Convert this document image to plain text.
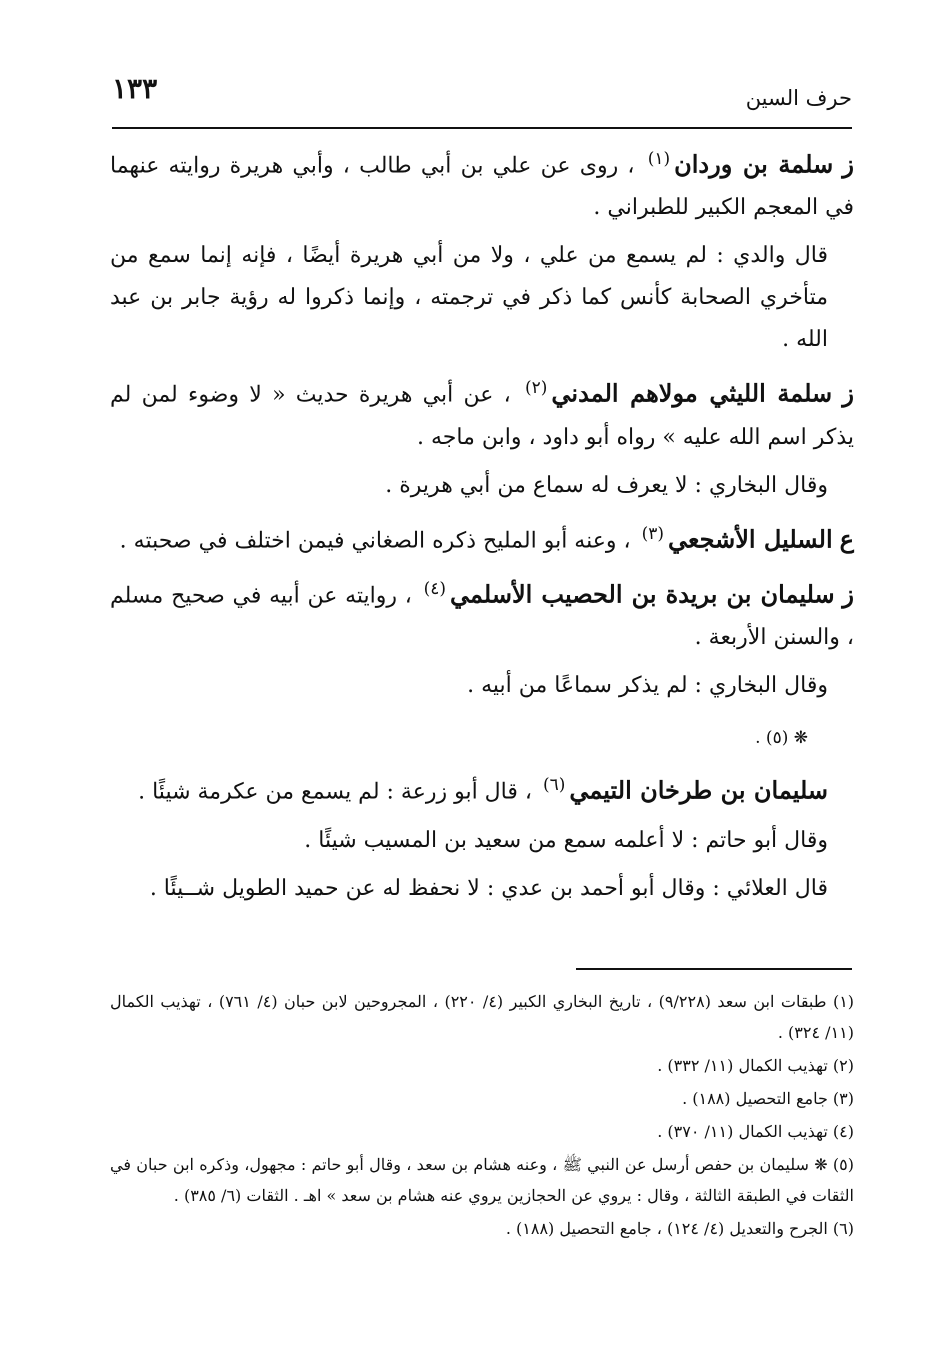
١٣٣	حرف السين

ز سلمة بن وردان$^{(١)}$ ، روى عن علي بن أبي طالب ، وأبي هريرة روايته عنهما في المعجم الكبير للطبراني .

قال والدي : لم يسمع من علي ، ولا من أبي هريرة أيضًا ، فإنه إنما سمع من متأخري الصحابة كأنس كما ذكر في ترجمته ، وإنما ذكروا له رؤية جابر بن عبد الله .

ز سلمة الليثي مولاهم المدني$^{(٢)}$ ، عن أبي هريرة حديث « لا وضوء لمن لم يذكر اسم الله عليه » رواه أبو داود ، وابن ماجه .

وقال البخاري : لا يعرف له سماع من أبي هريرة .

ع السليل الأشجعي$^{(٣)}$ ، وعنه أبو المليح ذكره الصغاني فيمن اختلف في صحبته .

ز سليمان بن بريدة بن الحصيب الأسلمي$^{(٤)}$ ، روايته عن أبيه في صحيح مسلم ، والسنن الأربعة .

وقال البخاري : لم يذكر سماعًا من أبيه .

❋ (٥) .

سليمان بن طرخان التيمي$^{(٦)}$ ، قال أبو زرعة : لم يسمع من عكرمة شيئًا .

وقال أبو حاتم : لا أعلمه سمع من سعيد بن المسيب شيئًا .

قال العلائي : وقال أبو أحمد بن عدي : لا نحفظ له عن حميد الطويل شــيئًا .

(١) طبقات ابن سعد (٩/٢٢٨) ، تاريخ البخاري الكبير (٤/ ٢٢٠) ، المجروحين لابن حبان (٤/ ٧٦١) ، تهذيب الكمال (١١/ ٣٢٤) .

(٢) تهذيب الكمال (١١/ ٣٣٢) .

(٣) جامع التحصيل (١٨٨) .

(٤) تهذيب الكمال (١١/ ٣٧٠) .

(٥) ❋ سليمان بن حفص أرسل عن النبي ﷺ ، وعنه هشام بن سعد ، وقال أبو حاتم : مجهول، وذكره ابن حبان في الثقات في الطبقة الثالثة ، وقال : يروي عن الحجازين يروي عنه هشام بن سعد » اهـ . الثقات (٦/ ٣٨٥) .

(٦) الجرح والتعديل (٤/ ١٢٤) ، جامع التحصيل (١٨٨) .
